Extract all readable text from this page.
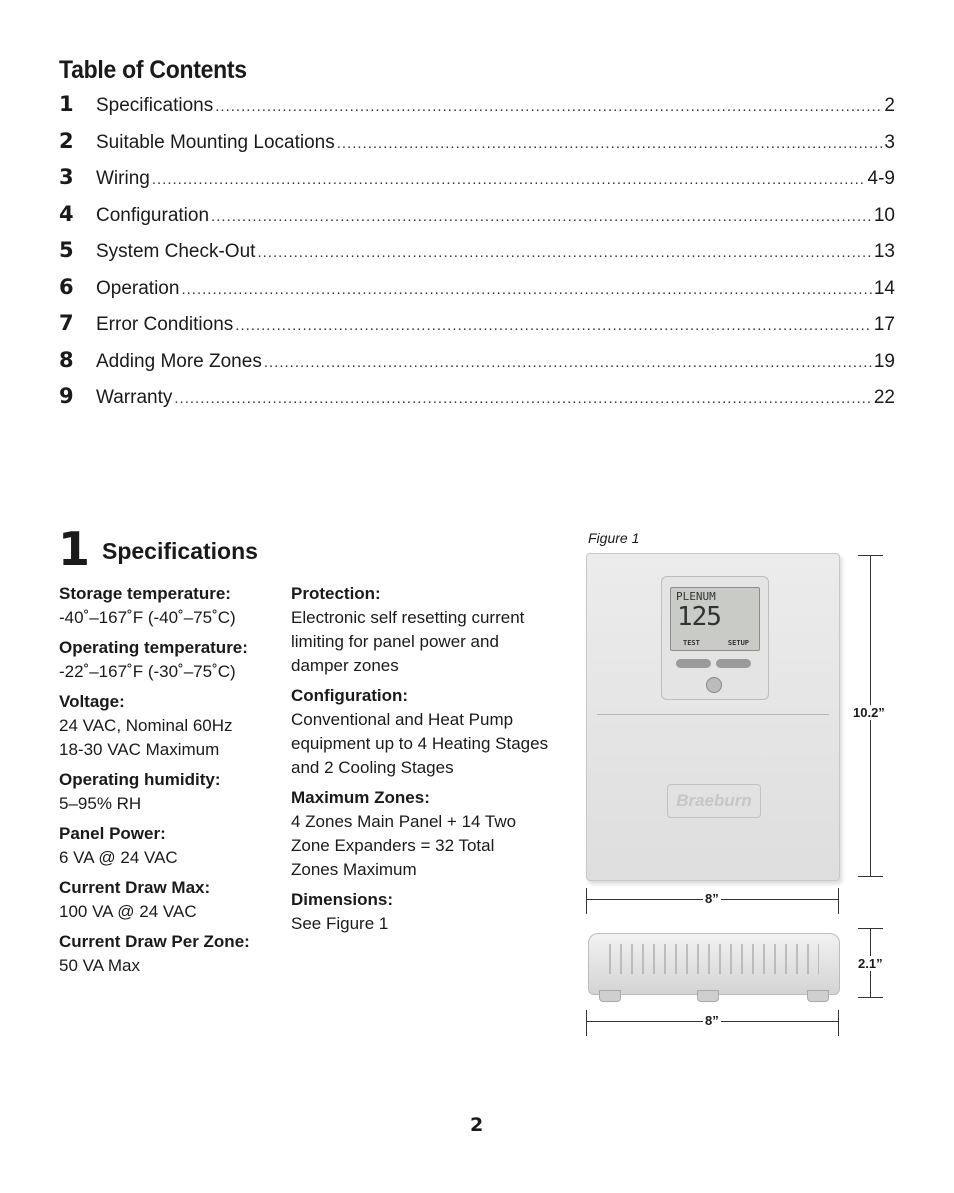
Table of Contents
1	Specifications .....	2
2	Suitable Mounting Locations .....	3
3	Wiring .....	4-9
4	Configuration .....	10
5	System Check-Out .....	13
6	Operation .....	14
7	Error Conditions .....	17
8	Adding More Zones .....	19
9	Warranty .....	22
1 Specifications
Storage temperature:
-40˚–167˚F (-40˚–75˚C)
Operating temperature:
-22˚–167˚F (-30˚–75˚C)
Voltage:
24 VAC, Nominal 60Hz
18-30 VAC Maximum
Operating humidity:
5–95% RH
Panel Power:
6 VA @ 24 VAC
Current Draw Max:
100 VA @ 24 VAC
Current Draw Per Zone:
50 VA Max
Protection:
Electronic self resetting current
limiting for panel power and
damper zones
Configuration:
Conventional and Heat Pump
equipment up to 4 Heating Stages
and 2 Cooling Stages
Maximum Zones:
4 Zones Main Panel + 14 Two
Zone Expanders = 32 Total
Zones Maximum
Dimensions:
See Figure 1
Figure 1
PLENUM
125
TEST	SETUP
Braeburn
10.2”
8”
2.1”
8”
2
